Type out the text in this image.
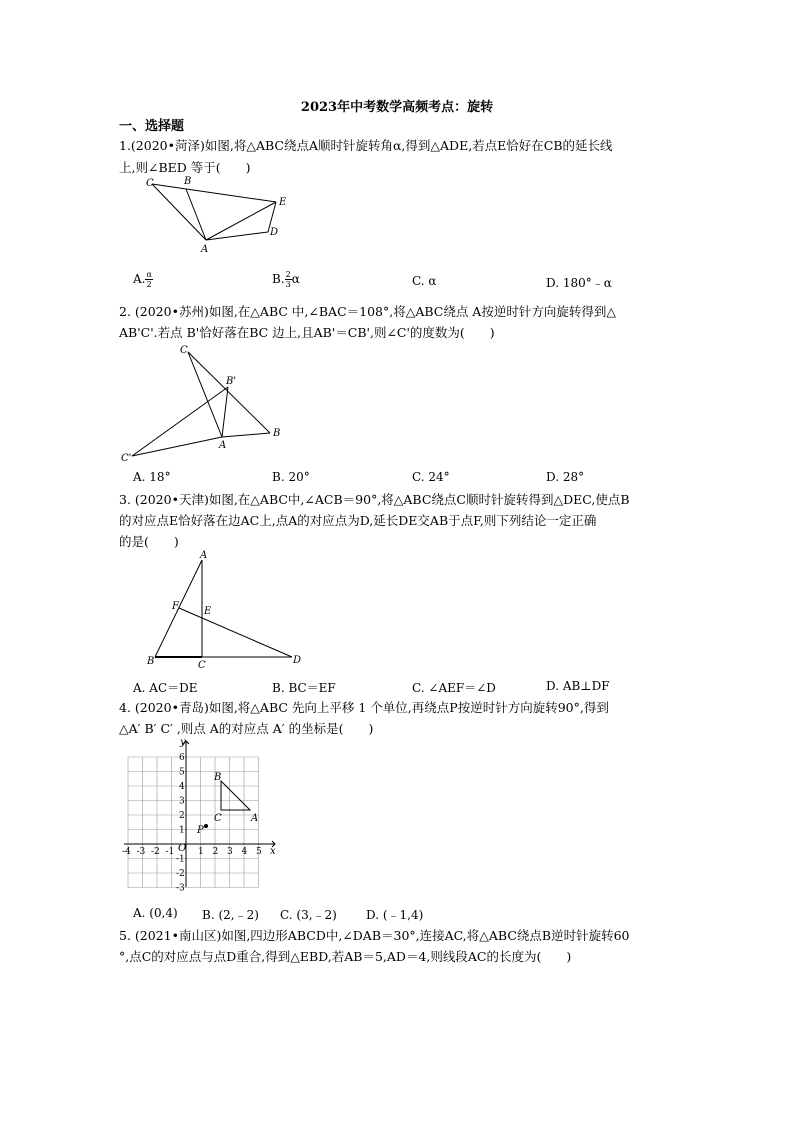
2023年中考数学高频考点：旋转
一、选择题
1.(2020•菏泽)如图,将△ABC绕点A顺时针旋转角α,得到△ADE,若点E恰好在CB的延长线
上,则∠BED 等于(　　)
C	B
E
D
A
A. $\frac{\alpha}{2}$	B. $\frac{2}{3}$ α	C. α	D. 180°﹣α
2. (2020•苏州)如图,在△ABC 中,∠BAC＝108°,将△ABC绕点 A按逆时针方向旋转得到△
AB'C'.若点 B'恰好落在BC 边上,且AB'＝CB',则∠C'的度数为(　　)
C
B'
B
A
C'
A. 18°	B. 20°	C. 24°	D. 28°
3. (2020•天津)如图,在△ABC中,∠ACB＝90°,将△ABC绕点C顺时针旋转得到△DEC,使点B
的对应点E恰好落在边AC上,点A的对应点为D,延长DE交AB于点F,则下列结论一定正确
的是(　　)
A
F	E
B	C	D
A. AC＝DE	B. BC＝EF	C. ∠AEF＝∠D	D. AB⊥DF
4. (2020•青岛)如图,将△ABC 先向上平移 1 个单位,再绕点P按逆时针方向旋转90°,得到
△A′ B′ C′ ,则点 A的对应点 A′ 的坐标是(　　)
-4 -3 -2 -1	1 2 3 4 5
6
5
4
3
2
1
-1
-2
-3
B
C	A
P
O	x
y
A. (0,4) B. (2,﹣2) C. (3,﹣2) D. (﹣1,4)
5. (2021•南山区)如图,四边形ABCD中,∠DAB＝30°,连接AC,将△ABC绕点B逆时针旋转60
°,点C的对应点与点D重合,得到△EBD,若AB＝5,AD＝4,则线段AC的长度为(　　)
